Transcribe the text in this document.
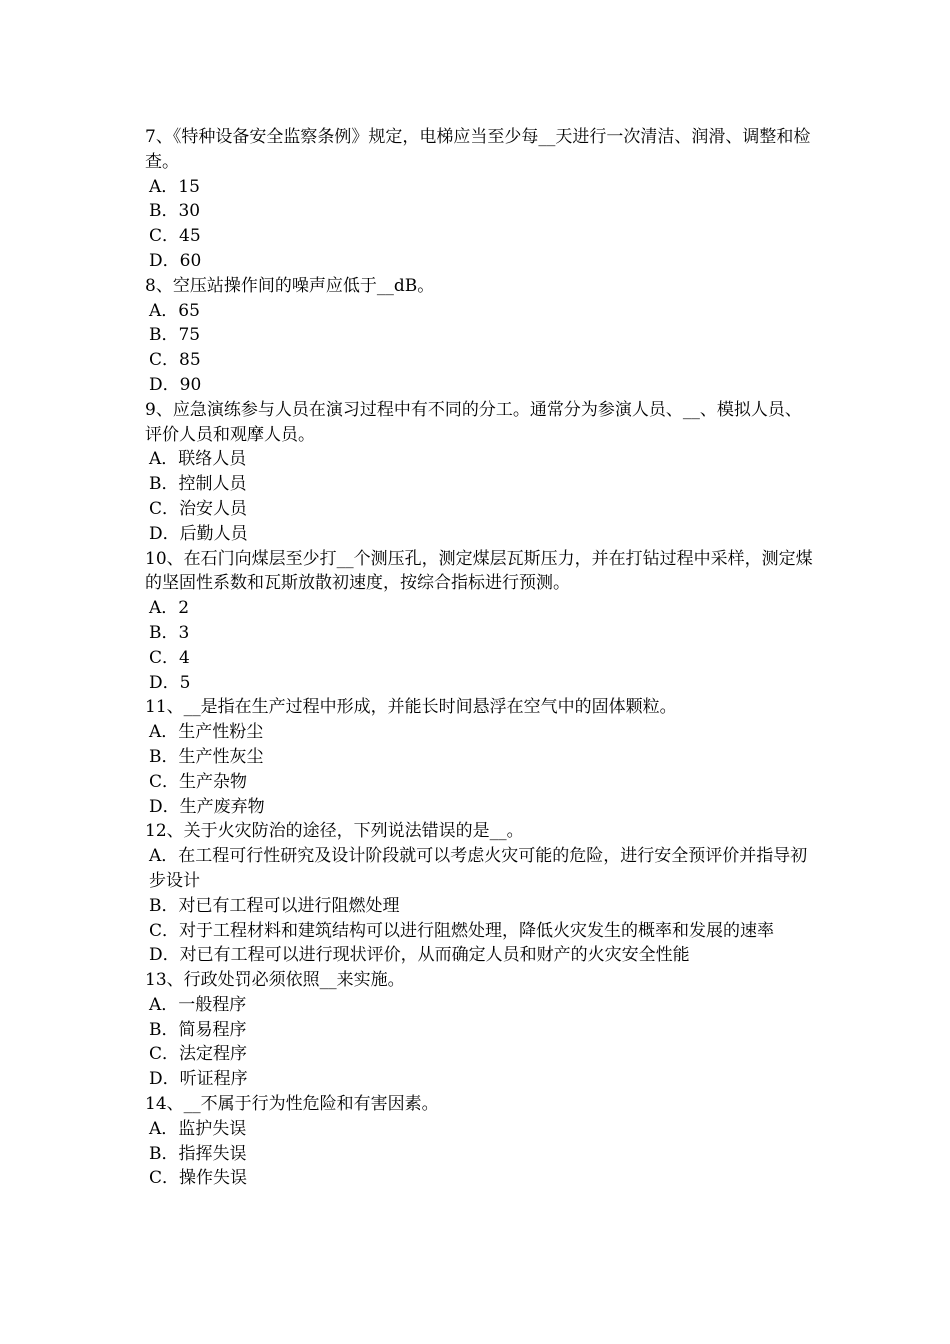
7、《特种设备安全监察条例》规定，电梯应当至少每__天进行一次清洁、润滑、调整和检查。

A．15

B．30

C．45

D．60

8、空压站操作间的噪声应低于__dB。

A．65

B．75

C．85

D．90

9、应急演练参与人员在演习过程中有不同的分工。通常分为参演人员、__、模拟人员、评价人员和观摩人员。

A．联络人员

B．控制人员

C．治安人员

D．后勤人员

10、在石门向煤层至少打__个测压孔，测定煤层瓦斯压力，并在打钻过程中采样，测定煤的坚固性系数和瓦斯放散初速度，按综合指标进行预测。

A．2

B．3

C．4

D．5

11、__是指在生产过程中形成，并能长时间悬浮在空气中的固体颗粒。

A．生产性粉尘

B．生产性灰尘

C．生产杂物

D．生产废弃物

12、关于火灾防治的途径，下列说法错误的是__。

A．在工程可行性研究及设计阶段就可以考虑火灾可能的危险，进行安全预评价并指导初步设计

B．对已有工程可以进行阻燃处理

C．对于工程材料和建筑结构可以进行阻燃处理，降低火灾发生的概率和发展的速率

D．对已有工程可以进行现状评价，从而确定人员和财产的火灾安全性能

13、行政处罚必须依照__来实施。

A．一般程序

B．简易程序

C．法定程序

D．听证程序

14、__不属于行为性危险和有害因素。

A．监护失误

B．指挥失误

C．操作失误
